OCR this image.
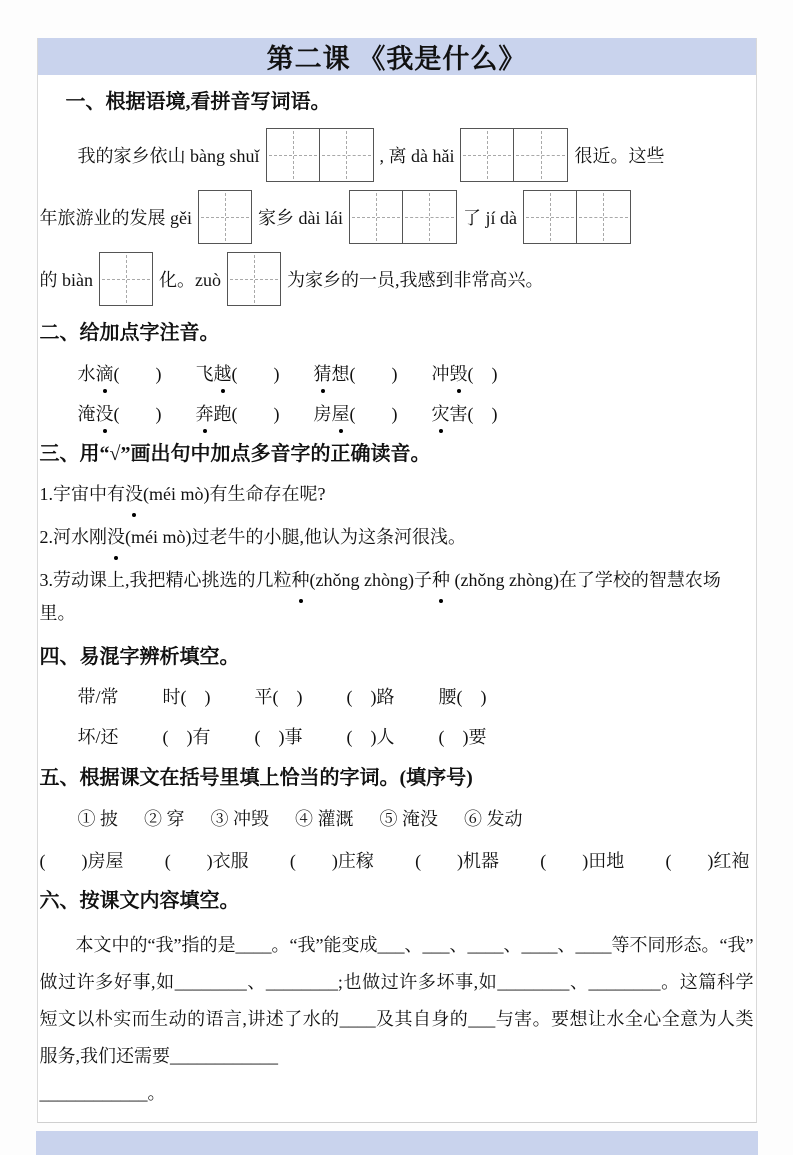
第二课 《我是什么》
一、根据语境,看拼音写词语。
我的家乡依山 bàng shuǐ	, 离 dà hǎi	很近。这些
年旅游业的发展 gěi	家乡 dài lái	了 jí dà
的 biàn	化。zuò	为家乡的一员,我感到非常高兴。
二、给加点字注音。
水滴(　　) 飞越(　　) 猜想(　　) 冲毁(　)
淹没(　　) 奔跑(　　) 房屋(　　) 灾害(　)
三、用“√”画出句中加点多音字的正确读音。

1.宇宙中有没(méi mò)有生命存在呢?

2.河水刚没(méi mò)过老牛的小腿,他认为这条河很浅。

3.劳动课上,我把精心挑选的几粒种(zhǒng zhòng)子种 (zhǒng zhòng)在了学校的智慧农场里。

四、易混字辨析填空。
带/常 时(　) 平(　) (　)路 腰(　)
坏/还 (　)有 (　)事 (　)人 (　)要
五、根据课文在括号里填上恰当的字词。(填序号)
① 披 ② 穿 ③ 冲毁 ④ 灌溉 ⑤ 淹没 ⑥ 发动
(　　)房屋 (　　)衣服 (　　)庄稼 (　　)机器 (　　)田地 (　　)红袍
六、按课文内容填空。

本文中的“我”指的是____。“我”能变成___、___、____、____、____等不同形态。“我” 做过许多好事,如________、________;也做过许多坏事,如________、________。这篇科学短文以朴实而生动的语言,讲述了水的____及其自身的___与害。要想让水全心全意为人类服务,我们还需要____________

____________。
